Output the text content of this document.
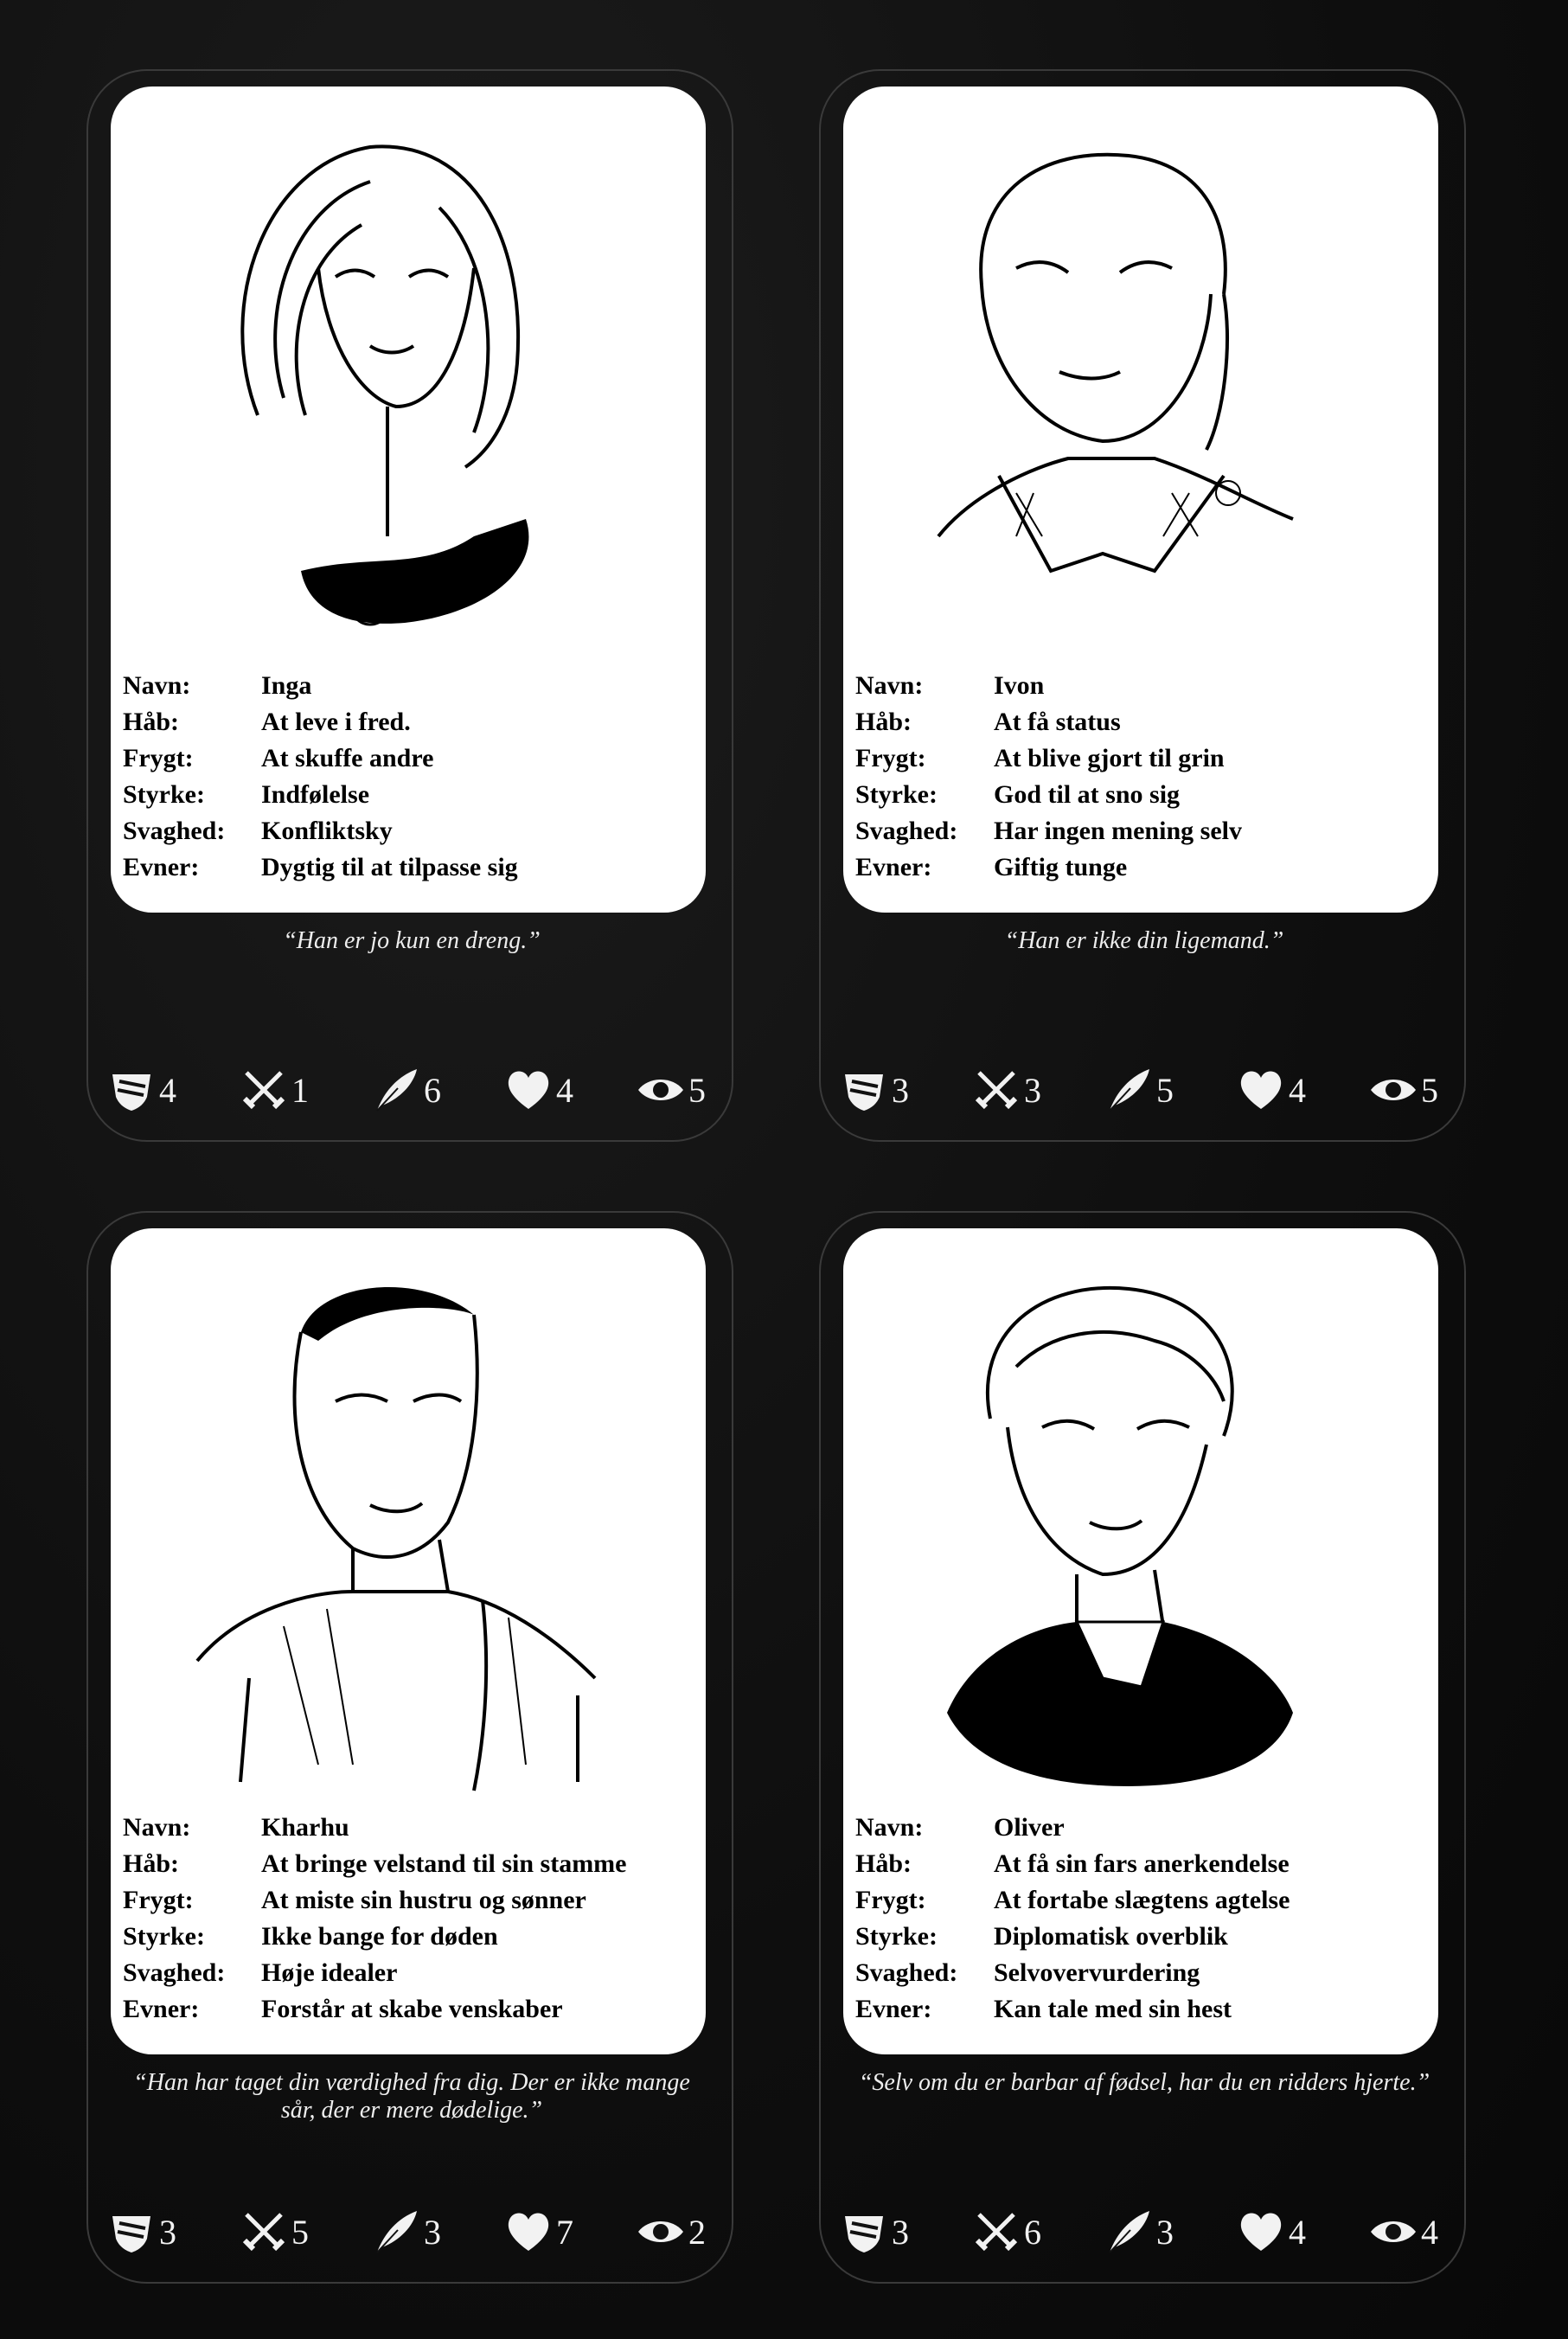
Navn:	Inga
Håb:	At leve i fred.
Frygt:	At skuffe andre
Styrke:	Indfølelse
Svaghed:	Konfliktsky
Evner:	Dygtig til at tilpasse sig
“Han er jo kun en dreng.”
4	1	6	4	5
Navn:	Ivon
Håb:	At få status
Frygt:	At blive gjort til grin
Styrke:	God til at sno sig
Svaghed:	Har ingen mening selv
Evner:	Giftig tunge
“Han er ikke din ligemand.”
3	3	5	4	5
Navn:	Kharhu
Håb:	At bringe velstand til sin stamme
Frygt:	At miste sin hustru og sønner
Styrke:	Ikke bange for døden
Svaghed:	Høje idealer
Evner:	Forstår at skabe venskaber
“Han har taget din værdighed fra dig. Der er ikke mange sår, der er mere dødelige.”
3	5	3	7	2
Navn:	Oliver
Håb:	At få sin fars anerkendelse
Frygt:	At fortabe slægtens agtelse
Styrke:	Diplomatisk overblik
Svaghed:	Selvovervurdering
Evner:	Kan tale med sin hest
“Selv om du er barbar af fødsel, har du en ridders hjerte.”
3	6	3	4	4
